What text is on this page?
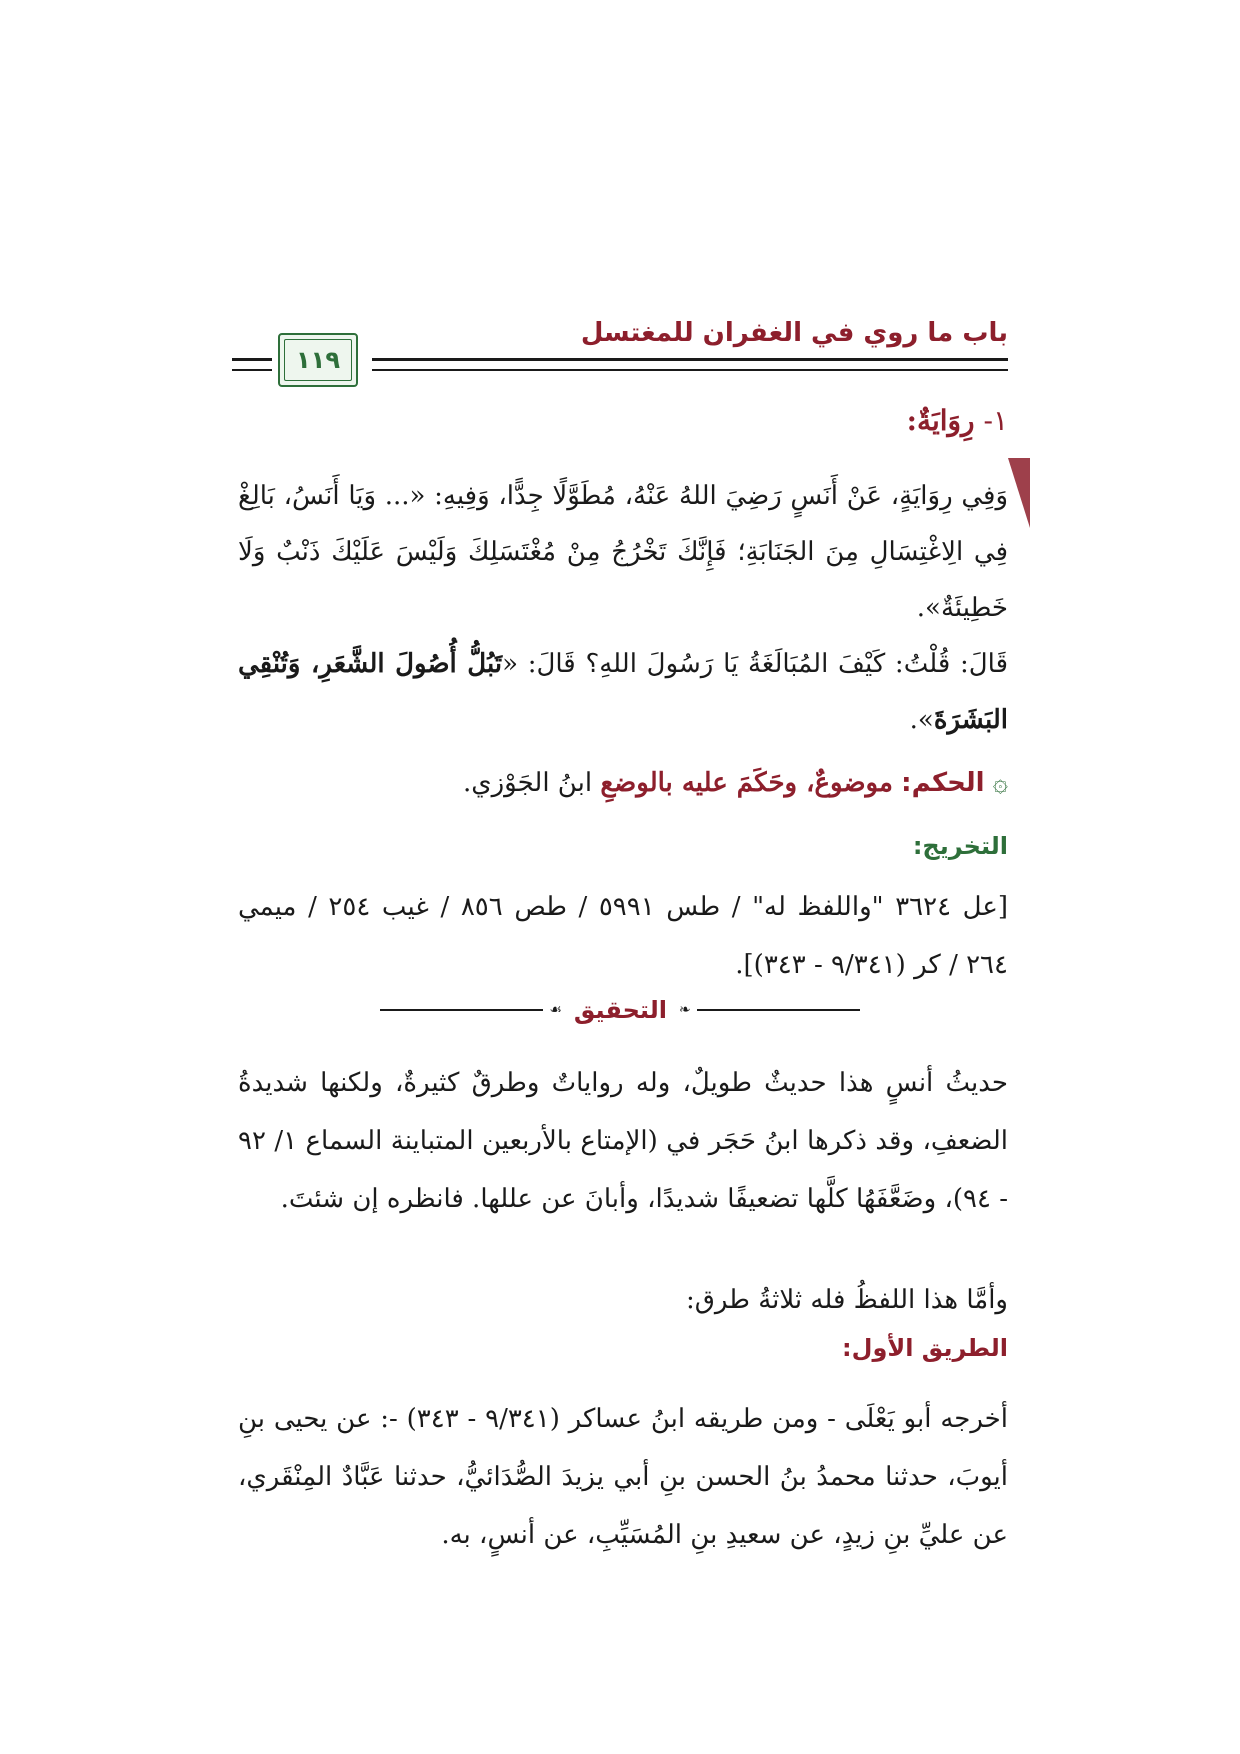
باب ما روي في الغفران للمغتسل
١١٩
١- رِوَايَةٌ:

وَفِي رِوَايَةٍ، عَنْ أَنَسٍ رَضِيَ اللهُ عَنْهُ، مُطَوَّلًا جِدًّا، وَفِيهِ: «... وَيَا أَنَسُ، بَالِغْ فِي الِاغْتِسَالِ مِنَ الجَنَابَةِ؛ فَإِنَّكَ تَخْرُجُ مِنْ مُغْتَسَلِكَ وَلَيْسَ عَلَيْكَ ذَنْبٌ وَلَا خَطِيئَةٌ».

قَالَ: قُلْتُ: كَيْفَ المُبَالَغَةُ يَا رَسُولَ اللهِ؟ قَالَ: «تَبُلُّ أُصُولَ الشَّعَرِ، وَتُنْقِي البَشَرَةَ».

۞ الحكم: موضوعٌ، وحَكَمَ عليه بالوضعِ ابنُ الجَوْزي.
التخريج:
[عل ٣٦٢٤ "واللفظ له" / طس ٥٩٩١ / طص ٨٥٦ / غيب ٢٥٤ / ميمي ٢٦٤ / كر (٩/٣٤١ - ٣٤٣)].
❧
التحقيق
☙
حديثُ أنسٍ هذا حديثٌ طويلٌ، وله رواياتٌ وطرقٌ كثيرةٌ، ولكنها شديدةُ الضعفِ، وقد ذكرها ابنُ حَجَر في (الإمتاع بالأربعين المتباينة السماع ١/ ٩٢ - ٩٤)، وضَعَّفَهُا كلَّها تضعيفًا شديدًا، وأبانَ عن عللها. فانظره إن شئتَ.
وأمَّا هذا اللفظُ فله ثلاثةُ طرق:
الطريق الأول:
أخرجه أبو يَعْلَى - ومن طريقه ابنُ عساكر (٩/٣٤١ - ٣٤٣) -: عن يحيى بنِ أيوبَ، حدثنا محمدُ بنُ الحسن بنِ أبي يزيدَ الصُّدَائيُّ، حدثنا عَبَّادٌ المِنْقَري، عن عليِّ بنِ زيدٍ، عن سعيدِ بنِ المُسَيِّبِ، عن أنسٍ، به.
